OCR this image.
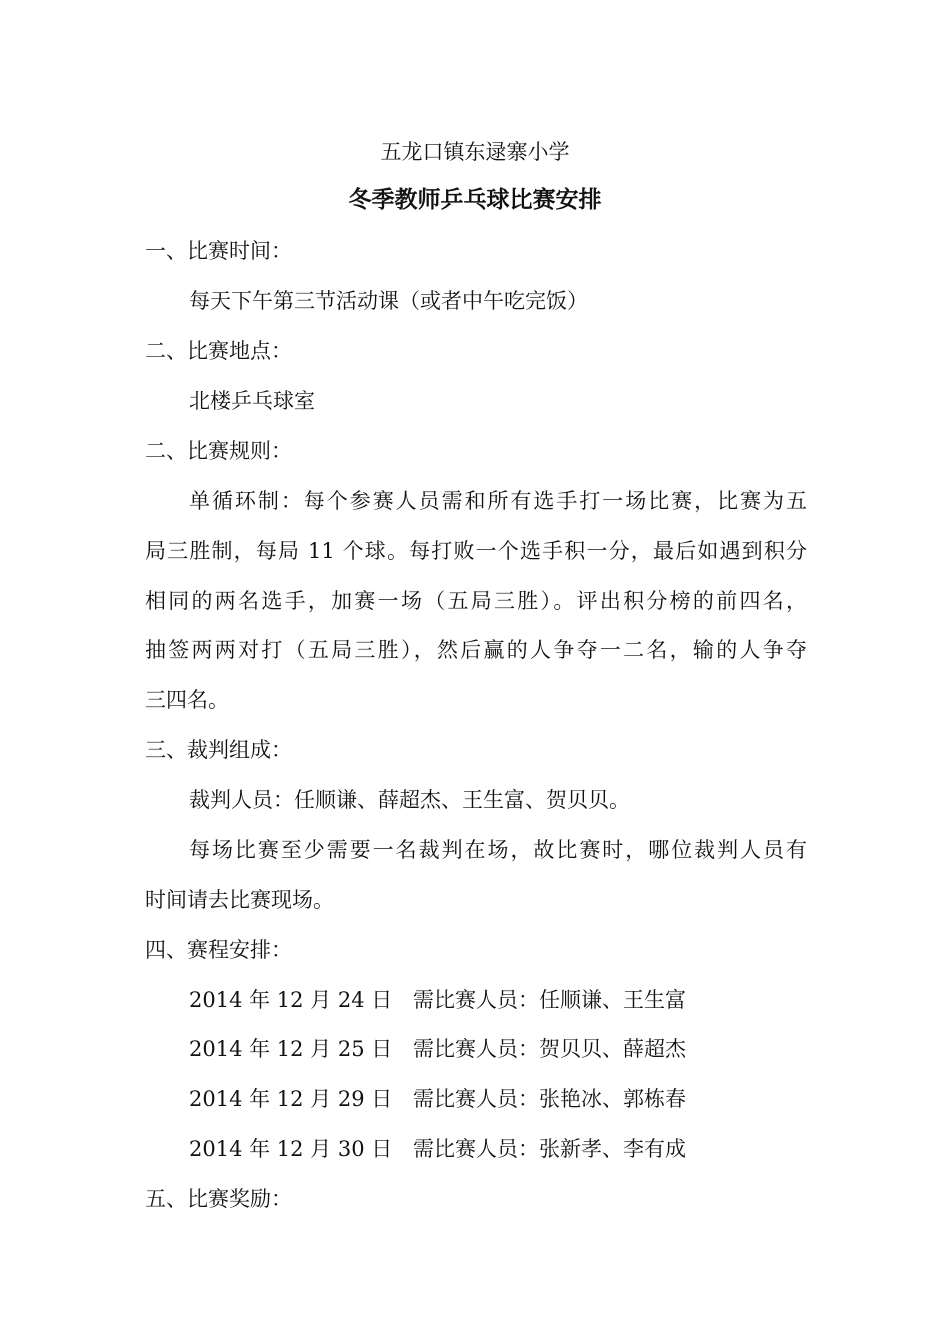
五龙口镇东逯寨小学
冬季教师乒乓球比赛安排
一、比赛时间：
每天下午第三节活动课（或者中午吃完饭）
二、比赛地点：
北楼乒乓球室
二、比赛规则：
单循环制：每个参赛人员需和所有选手打一场比赛，比赛为五
局三胜制，每局 11 个球。每打败一个选手积一分，最后如遇到积分
相同的两名选手，加赛一场（五局三胜）。评出积分榜的前四名，
抽签两两对打（五局三胜），然后赢的人争夺一二名，输的人争夺
三四名。
三、裁判组成：
裁判人员：任顺谦、薛超杰、王生富、贺贝贝。
每场比赛至少需要一名裁判在场，故比赛时，哪位裁判人员有
时间请去比赛现场。
四、赛程安排：
2014 年 12 月 24 日 需比赛人员：任顺谦、王生富
2014 年 12 月 25 日 需比赛人员：贺贝贝、薛超杰
2014 年 12 月 29 日 需比赛人员：张艳冰、郭栋春
2014 年 12 月 30 日 需比赛人员：张新孝、李有成
五、比赛奖励：
